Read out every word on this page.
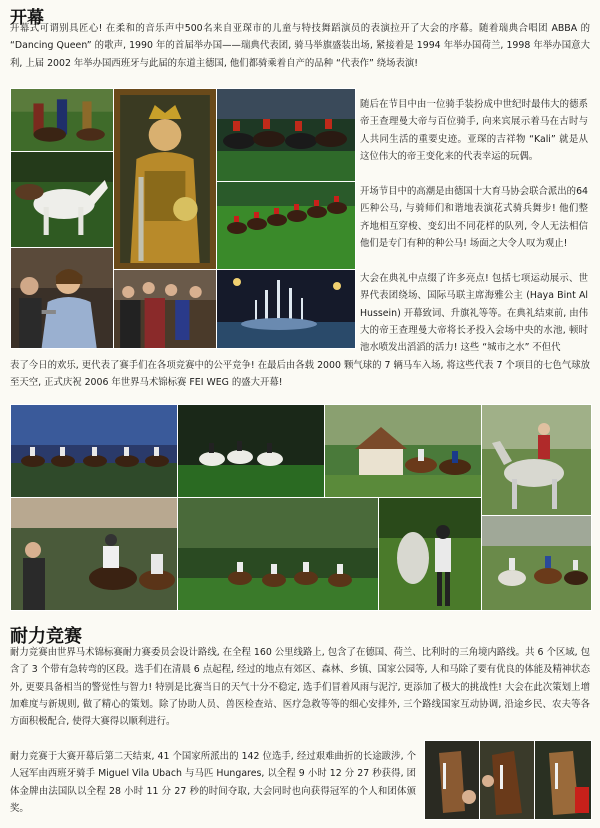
开幕

开幕式可谓别具匠心! 在柔和的音乐声中500名来自亚琛市的儿童与特技舞蹈演员的表演拉开了大会的序幕。随着瑞典合唱团 ABBA 的 “Dancing Queen” 的歌声, 1990 年的首届举办国——瑞典代表团, 骑马举旗盛装出场, 紧接着是 1994 年举办国荷兰, 1998 年举办国意大利, 上届 2002 年举办国西班牙与此届的东道主德国, 他们都骑乘着自产的品种 “代表作” 绕场表演!

随后在节目中由一位骑手装扮成中世纪时最伟大的德系帝王查理曼大帝与百位骑手, 向来宾展示着马在古时与人共同生活的重要史迹。亚琛的吉祥物 “Kali” 就是从这位伟大的帝王变化来的代表幸运的玩偶。

开场节目中的高潮是由德国十大育马协会联合派出的64匹种公马, 与骑师们和谐地表演花式骑兵舞步! 他们整齐地相互穿梭、变幻出不同花样的队列, 令人无法相信他们是专门有种的种公马! 场面之大令人叹为观止!

大会在典礼中点缀了许多亮点! 包括七项运动展示、世界代表团绕场、国际马联主席海雅公主 (Haya Bint Al Hussein) 开幕致词、升旗礼等等。在典礼结束前, 由伟大的帝王查理曼大帝将长矛投入会场中央的水池, 顿时池水喷发出滔滔的活力! 这些 “城市之水” 不但代

表了今日的欢乐, 更代表了赛手们在各项竞赛中的公平竞争! 在最后由各载 2000 颗气球的 7 辆马车入场, 将这些代表 7 个项目的七色气球放至天空, 正式庆祝 2006 年世界马术锦标赛 FEI WEG 的盛大开幕!

耐力竞赛

耐力竞赛由世界马术锦标赛耐力赛委员会设计路线, 在全程 160 公里线路上, 包含了在德国、荷兰、比利时的三角境内路线。共 6 个区域, 包含了 3 个带有急转弯的区段。选手们在清晨 6 点起程, 经过的地点有郊区、森林、乡镇、国家公园等, 人和马除了要有优良的体能及精神状态外, 更要具备相当的警觉性与智力! 特别是比赛当日的天气十分不稳定, 选手们冒着风雨与泥泞, 更添加了极大的挑战性! 大会在此次策划上增加难度与新规则, 做了精心的策划。除了协助人员、兽医检查站、医疗急救等等的细心安排外, 三个路线国家互动协调, 沿途乡民、农夫等各方面积极配合, 使得大赛得以顺利进行。

耐力竞赛于大赛开幕后第二天结束, 41 个国家所派出的 142 位选手, 经过艰难曲折的长途跋涉, 个人冠军由西班牙骑手 Miguel Vila Ubach 与马匹 Hungares, 以全程 9 小时 12 分 27 秒获得, 团体金牌由法国队以全程 28 小时 11 分 27 秒的时间夺取, 大会同时也向获得冠军的个人和团体颁奖。
